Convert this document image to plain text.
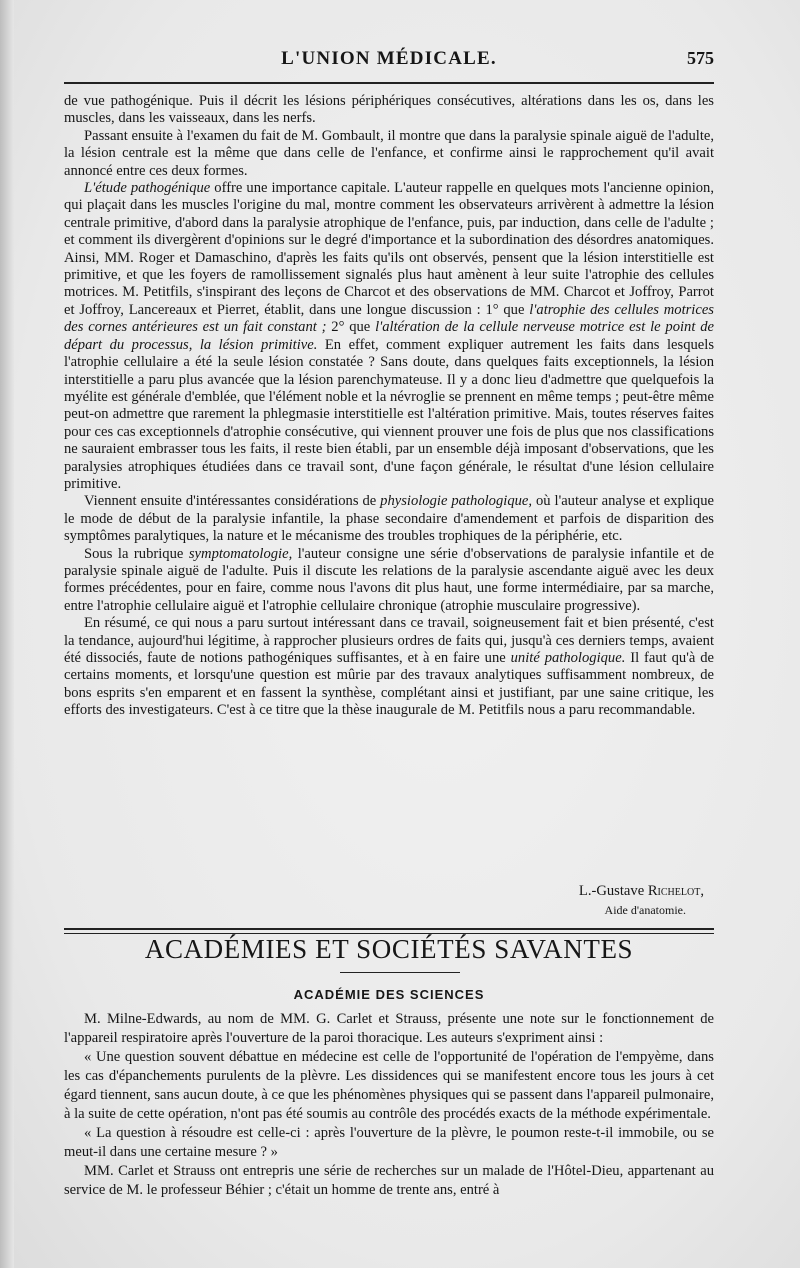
L'UNION MÉDICALE.	575

de vue pathogénique. Puis il décrit les lésions périphériques consécutives, altérations dans les os, dans les muscles, dans les vaisseaux, dans les nerfs.

Passant ensuite à l'examen du fait de M. Gombault, il montre que dans la paralysie spinale aiguë de l'adulte, la lésion centrale est la même que dans celle de l'enfance, et confirme ainsi le rapprochement qu'il avait annoncé entre ces deux formes.

L'étude pathogénique offre une importance capitale. L'auteur rappelle en quelques mots l'ancienne opinion, qui plaçait dans les muscles l'origine du mal, montre comment les observateurs arrivèrent à admettre la lésion centrale primitive, d'abord dans la paralysie atrophique de l'enfance, puis, par induction, dans celle de l'adulte ; et comment ils divergèrent d'opinions sur le degré d'importance et la subordination des désordres anatomiques. Ainsi, MM. Roger et Damaschino, d'après les faits qu'ils ont observés, pensent que la lésion interstitielle est primitive, et que les foyers de ramollissement signalés plus haut amènent à leur suite l'atrophie des cellules motrices. M. Petitfils, s'inspirant des leçons de Charcot et des observations de MM. Charcot et Joffroy, Parrot et Joffroy, Lancereaux et Pierret, établit, dans une longue discussion : 1° que l'atrophie des cellules motrices des cornes antérieures est un fait constant ; 2° que l'altération de la cellule nerveuse motrice est le point de départ du processus, la lésion primitive. En effet, comment expliquer autrement les faits dans lesquels l'atrophie cellulaire a été la seule lésion constatée ? Sans doute, dans quelques faits exceptionnels, la lésion interstitielle a paru plus avancée que la lésion parenchymateuse. Il y a donc lieu d'admettre que quelquefois la myélite est générale d'emblée, que l'élément noble et la névroglie se prennent en même temps ; peut-être même peut-on admettre que rarement la phlegmasie interstitielle est l'altération primitive. Mais, toutes réserves faites pour ces cas exceptionnels d'atrophie consécutive, qui viennent prouver une fois de plus que nos classifications ne sauraient embrasser tous les faits, il reste bien établi, par un ensemble déjà imposant d'observations, que les paralysies atrophiques étudiées dans ce travail sont, d'une façon générale, le résultat d'une lésion cellulaire primitive.

Viennent ensuite d'intéressantes considérations de physiologie pathologique, où l'auteur analyse et explique le mode de début de la paralysie infantile, la phase secondaire d'amendement et parfois de disparition des symptômes paralytiques, la nature et le mécanisme des troubles trophiques de la périphérie, etc.

Sous la rubrique symptomatologie, l'auteur consigne une série d'observations de paralysie infantile et de paralysie spinale aiguë de l'adulte. Puis il discute les relations de la paralysie ascendante aiguë avec les deux formes précédentes, pour en faire, comme nous l'avons dit plus haut, une forme intermédiaire, par sa marche, entre l'atrophie cellulaire aiguë et l'atrophie cellulaire chronique (atrophie musculaire progressive).

En résumé, ce qui nous a paru surtout intéressant dans ce travail, soigneusement fait et bien présenté, c'est la tendance, aujourd'hui légitime, à rapprocher plusieurs ordres de faits qui, jusqu'à ces derniers temps, avaient été dissociés, faute de notions pathogéniques suffisantes, et à en faire une unité pathologique. Il faut qu'à de certains moments, et lorsqu'une question est mûrie par des travaux analytiques suffisamment nombreux, de bons esprits s'en emparent et en fassent la synthèse, complétant ainsi et justifiant, par une saine critique, les efforts des investigateurs. C'est à ce titre que la thèse inaugurale de M. Petitfils nous a paru recommandable.

L.-Gustave Richelot,
Aide d'anatomie.
ACADÉMIES ET SOCIÉTÉS SAVANTES
ACADÉMIE DES SCIENCES

M. Milne-Edwards, au nom de MM. G. Carlet et Strauss, présente une note sur le fonctionnement de l'appareil respiratoire après l'ouverture de la paroi thoracique. Les auteurs s'expriment ainsi :

« Une question souvent débattue en médecine est celle de l'opportunité de l'opération de l'empyème, dans les cas d'épanchements purulents de la plèvre. Les dissidences qui se manifestent encore tous les jours à cet égard tiennent, sans aucun doute, à ce que les phénomènes physiques qui se passent dans l'appareil pulmonaire, à la suite de cette opération, n'ont pas été soumis au contrôle des procédés exacts de la méthode expérimentale.

« La question à résoudre est celle-ci : après l'ouverture de la plèvre, le poumon reste-t-il immobile, ou se meut-il dans une certaine mesure ? »

MM. Carlet et Strauss ont entrepris une série de recherches sur un malade de l'Hôtel-Dieu, appartenant au service de M. le professeur Béhier ; c'était un homme de trente ans, entré à
